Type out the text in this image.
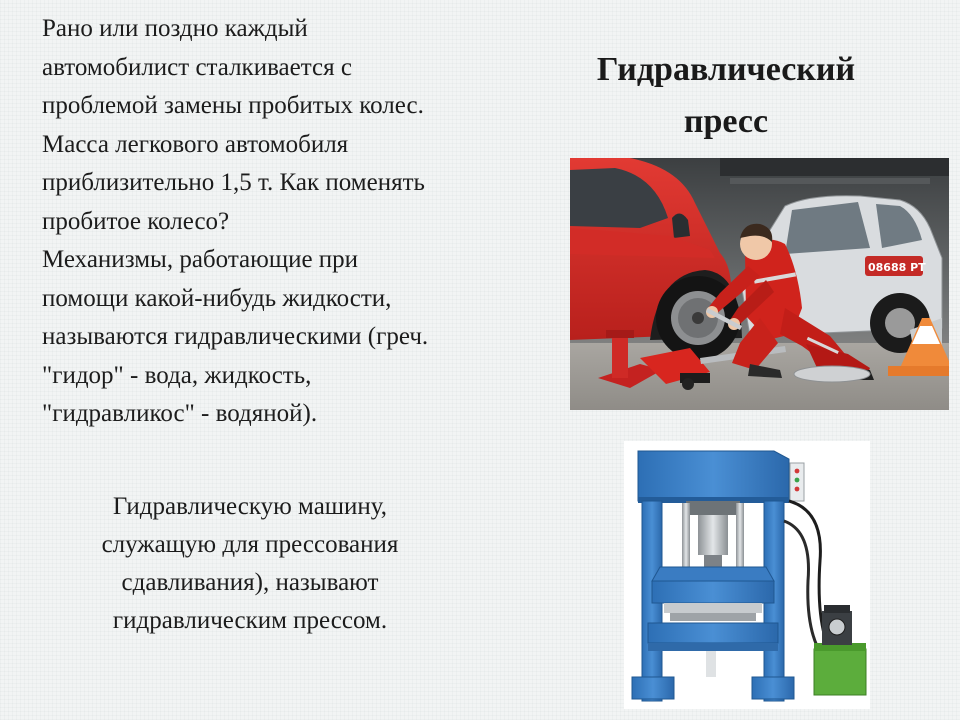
Рано или поздно каждый
автомобилист сталкивается с
проблемой замены пробитых колес.
Масса легкового автомобиля
приблизительно 1,5 т. Как поменять
пробитое колесо?
Механизмы, работающие при
помощи какой-нибудь жидкости,
называются гидравлическими (греч.
"гидор" - вода, жидкость,
"гидравликос" - водяной).
Гидравлический
пресс
08688 РТ
Гидравлическую машину,
служащую для прессования
сдавливания), называют
гидравлическим прессом.
